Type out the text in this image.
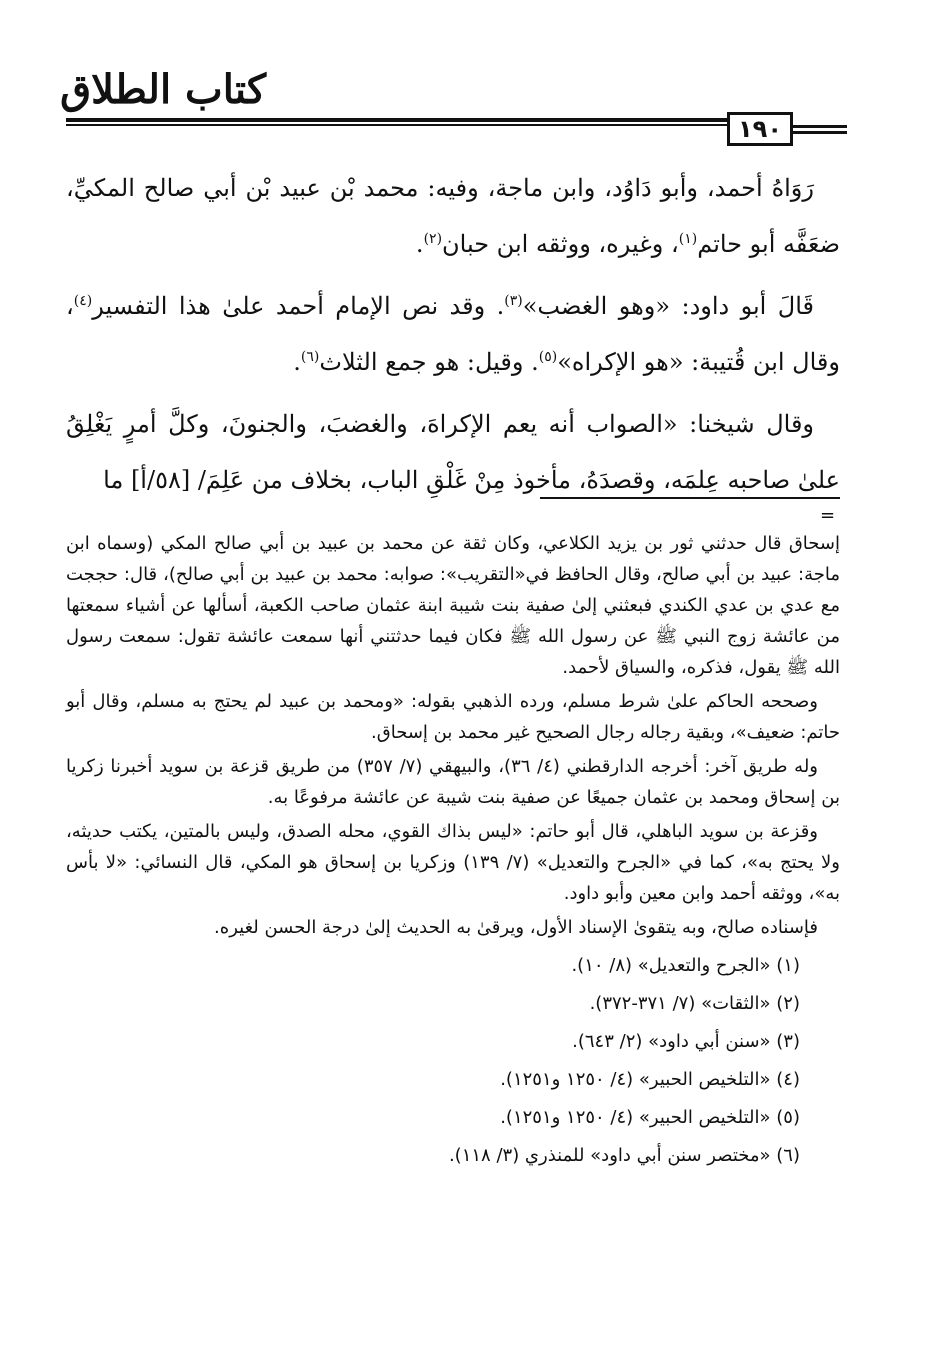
كتاب الطلاق
١٩٠

رَوَاهُ أحمد، وأبو دَاوُد، وابن ماجة، وفيه: محمد بْن عبيد بْن أبي صالح المكيِّ، ضعَفَّه أبو حاتم$^{(١)}$، وغيره، ووثقه ابن حبان$^{(٢)}$.

قَالَ أبو داود: «وهو الغضب»$^{(٣)}$. وقد نص الإمام أحمد علىٰ هذا التفسير$^{(٤)}$، وقال ابن قُتيبة: «هو الإكراه»$^{(٥)}$. وقيل: هو جمع الثلاث$^{(٦)}$.

وقال شيخنا: «الصواب أنه يعم الإكراهَ، والغضبَ، والجنونَ، وكلَّ أمرٍ يَغْلِقُ علىٰ صاحبه عِلمَه، وقصدَهُ، مأخوذ مِنْ غَلْقِ الباب، بخلاف من عَلِمَ/ [٥٨/أ] ما

=

إسحاق قال حدثني ثور بن يزيد الكلاعي، وكان ثقة عن محمد بن عبيد بن أبي صالح المكي (وسماه ابن ماجة: عبيد بن أبي صالح، وقال الحافظ في«التقريب»: صوابه: محمد بن عبيد بن أبي صالح)، قال: حججت مع عدي بن عدي الكندي فبعثني إلىٰ صفية بنت شيبة ابنة عثمان صاحب الكعبة، أسألها عن أشياء سمعتها من عائشة زوج النبي ﷺ عن رسول الله ﷺ فكان فيما حدثتني أنها سمعت عائشة تقول: سمعت رسول الله ﷺ يقول، فذكره، والسياق لأحمد.

وصححه الحاكم علىٰ شرط مسلم، ورده الذهبي بقوله: «ومحمد بن عبيد لم يحتج به مسلم، وقال أبو حاتم: ضعيف»، وبقية رجاله رجال الصحيح غير محمد بن إسحاق.

وله طريق آخر: أخرجه الدارقطني (٤/ ٣٦)، والبيهقي (٧/ ٣٥٧) من طريق قزعة بن سويد أخبرنا زكريا بن إسحاق ومحمد بن عثمان جميعًا عن صفية بنت شيبة عن عائشة مرفوعًا به.

وقزعة بن سويد الباهلي، قال أبو حاتم: «ليس بذاك القوي، محله الصدق، وليس بالمتين، يكتب حديثه، ولا يحتج به»، كما في «الجرح والتعديل» (٧/ ١٣٩) وزكريا بن إسحاق هو المكي، قال النسائي: «لا بأس به»، ووثقه أحمد وابن معين وأبو داود.

فإسناده صالح، وبه يتقوىٰ الإسناد الأول، ويرقىٰ به الحديث إلىٰ درجة الحسن لغيره.

(١) «الجرح والتعديل» (٨/ ١٠).
(٢) «الثقات» (٧/ ٣٧١-٣٧٢).
(٣) «سنن أبي داود» (٢/ ٦٤٣).
(٤) «التلخيص الحبير» (٤/ ١٢٥٠ و١٢٥١).
(٥) «التلخيص الحبير» (٤/ ١٢٥٠ و١٢٥١).
(٦) «مختصر سنن أبي داود» للمنذري (٣/ ١١٨).
